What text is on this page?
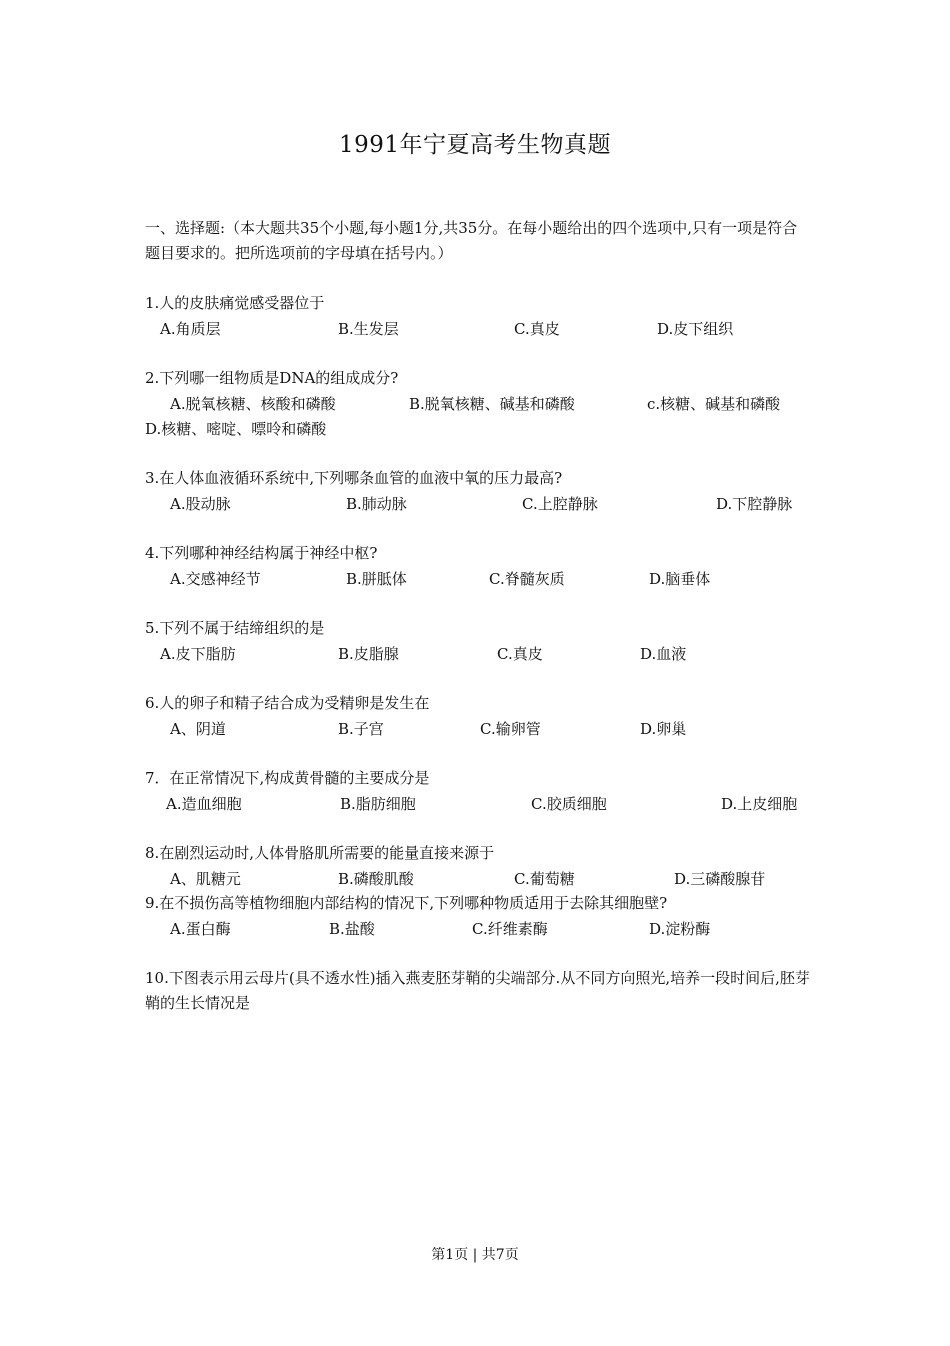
1991年宁夏高考生物真题
一、选择题:（本大题共35个小题,每小题1分,共35分。在每小题给出的四个选项中,只有一项是符合题目要求的。把所选项前的字母填在括号内。）
1.人的皮肤痛觉感受器位于
A.角质层	B.生发层	C.真皮	D.皮下组织
2.下列哪一组物质是DNA的组成成分?
A.脱氧核糖、核酸和磷酸	B.脱氧核糖、碱基和磷酸	c.核糖、碱基和磷酸
D.核糖、嘧啶、嘌呤和磷酸
3.在人体血液循环系统中,下列哪条血管的血液中氧的压力最高?
A.股动脉	B.肺动脉	C.上腔静脉	D.下腔静脉
4.下列哪种神经结构属于神经中枢?
A.交感神经节	B.胼胝体	C.脊髓灰质	D.脑垂体
5.下列不属于结缔组织的是
A.皮下脂肪	B.皮脂腺	C.真皮	D.血液
6.人的卵子和精子结合成为受精卵是发生在
A、阴道	B.子宫	C.输卵管	D.卵巢
7．在正常情况下,构成黄骨髓的主要成分是
A.造血细胞	B.脂肪细胞	C.胶质细胞	D.上皮细胞
8.在剧烈运动时,人体骨胳肌所需要的能量直接来源于
A、肌糖元	B.磷酸肌酸	C.葡萄糖	D.三磷酸腺苷
9.在不损伤高等植物细胞内部结构的情况下,下列哪种物质适用于去除其细胞壁?
A.蛋白酶	B.盐酸	C.纤维素酶	D.淀粉酶
10.下图表示用云母片(具不透水性)插入燕麦胚芽鞘的尖端部分.从不同方向照光,培养一段时间后,胚芽鞘的生长情况是
第1页 | 共7页
